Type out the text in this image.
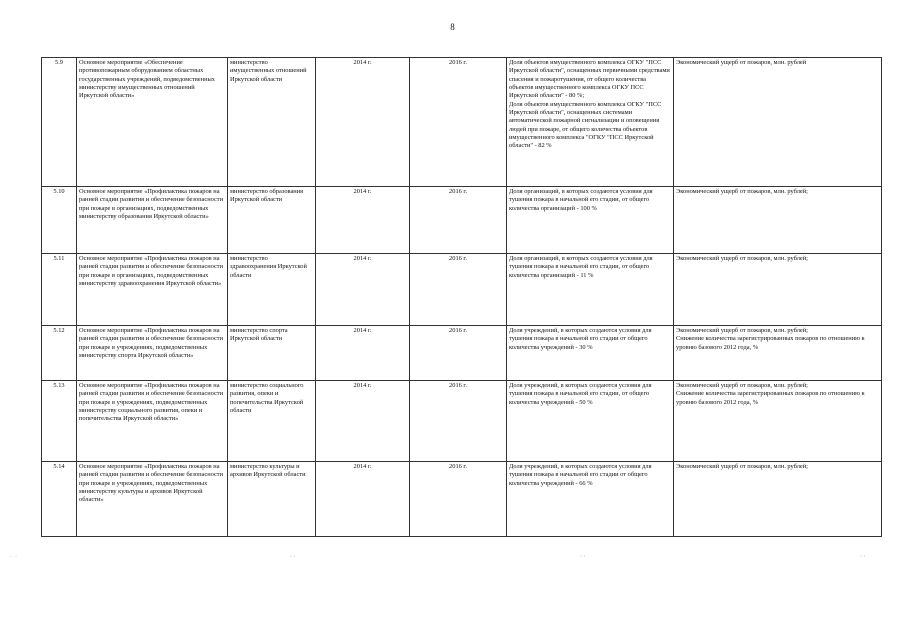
8
5.9	Основное мероприятие «Обеспечение противопожарным оборудованием областных государственных учреждений, подведомственных министерству имущественных отношений Иркутской области»	министерство имущественных отношений Иркутской области	2014 г.	2016 г.	Доля объектов имущественного комплекса ОГКУ "ПСС Иркутской области", оснащенных первичными средствами спасения и пожаротушения, от общего количества объектов имущественного комплекса ОГКУ ПСС Иркутской области" - 80 %;
Доля объектов имущественного комплекса ОГКУ "ПСС Иркутской области", оснащенных системами автоматической пожарной сигнализации и оповещения людей при пожаре, от общего количества объектов имущественного комплекса "ОГКУ "ПСС Иркутской области" - 82 %	Экономический ущерб от пожаров, млн. рублей

5.10	Основное мероприятие «Профилактика пожаров на ранней стадии развития и обеспечение безопасности при пожаре в организациях, подведомственных министерству образования Иркутской области»	министерство образования Иркутской области	2014 г.	2016 г.	Доля организаций, в которых создаются условия для тушения пожара в начальной его стадии, от общего количества организаций - 100 %	Экономический ущерб от пожаров, млн. рублей;

5.11	Основное мероприятие «Профилактика пожаров на ранней стадии развития и обеспечение безопасности при пожаре в организациях, подведомственных министерству здравоохранения Иркутской области»	министерство здравоохранения Иркутской области	2014 г.	2016 г.	Доля организаций, в которых создаются условия для тушения пожара в начальной его стадии, от общего количества организаций - 11 %	Экономический ущерб от пожаров, млн. рублей;

5.12	Основное мероприятие «Профилактика пожаров на ранней стадии развития и обеспечение безопасности при пожаре в учреждениях, подведомственных министерству спорта Иркутской области»	министерство спорта Иркутской области	2014 г.	2016 г.	Доля учреждений, в которых создаются условия для тушения пожара в начальной его стадии от общего количества учреждений - 30 %	Экономический ущерб от пожаров, млн. рублей;
Снижение количества зарегистрированных пожаров по отношению к уровню базового 2012 года, %

5.13	Основное мероприятие «Профилактика пожаров на ранней стадии развития и обеспечение безопасности при пожаре в учреждениях, подведомственных министерству социального развития, опеки и попечительства Иркутской области»	министерство социального развития, опеки и попечительства Иркутской области	2014 г.	2016 г.	Доля учреждений, в которых создаются условия для тушения пожара в начальной его стадии, от общего количества учреждений - 50 %	Экономический ущерб от пожаров, млн. рублей;
Снижение количества зарегистрированных пожаров по отношению к уровню базового 2012 года, %

5.14	Основное мероприятие «Профилактика пожаров на ранней стадии развития и обеспечение безопасности при пожаре в учреждениях, подведомственных министерству культуры и архивов Иркутской области»	министерство культуры и архивов Иркутской области	2014 г.	2016 г.	Доля учреждений, в которых создаются условия для тушения пожара в начальной его стадии от общего количества учреждений - 66 %	Экономический ущерб от пожаров, млн. рублей;
·  ·	· ·	· ·	· ·
